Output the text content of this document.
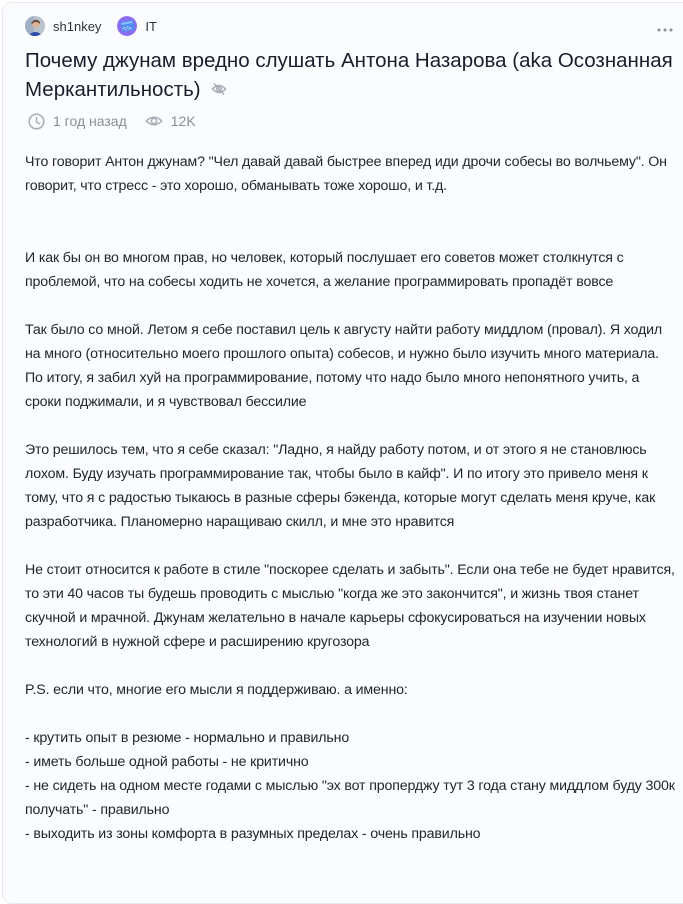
sh1nkey	</> IT
Почему джунам вредно слушать Антона Назарова (aka Осознанная Меркантильность)
1 год назад	12K

Что говорит Антон джунам? "Чел давай давай быстрее вперед иди дрочи собесы во волчьему". Он говорит, что стресс - это хорошо, обманывать тоже хорошо, и т.д.

И как бы он во многом прав, но человек, который послушает его советов может столкнутся с проблемой, что на собесы ходить не хочется, а желание программировать пропадёт вовсе

Так было со мной. Летом я себе поставил цель к августу найти работу миддлом (провал). Я ходил на много (относительно моего прошлого опыта) собесов, и нужно было изучить много материала. По итогу, я забил хуй на программирование, потому что надо было много непонятного учить, а сроки поджимали, и я чувствовал бессилие

Это решилось тем, что я себе сказал: "Ладно, я найду работу потом, и от этого я не становлюсь лохом. Буду изучать программирование так, чтобы было в кайф". И по итогу это привело меня к тому, что я с радостью тыкаюсь в разные сферы бэкенда, которые могут сделать меня круче, как разработчика. Планомерно наращиваю скилл, и мне это нравится

Не стоит относится к работе в стиле "поскорее сделать и забыть". Если она тебе не будет нравится, то эти 40 часов ты будешь проводить с мыслью "когда же это закончится", и жизнь твоя станет скучной и мрачной. Джунам желательно в начале карьеры сфокусироваться на изучении новых технологий в нужной сфере и расширению кругозора

P.S. если что, многие его мысли я поддерживаю. а именно:

- крутить опыт в резюме - нормально и правильно

- иметь больше одной работы - не критично

- не сидеть на одном месте годами с мыслью "эх вот проперджу тут 3 года стану миддлом буду 300к получать" - правильно

- выходить из зоны комфорта в разумных пределах - очень правильно
